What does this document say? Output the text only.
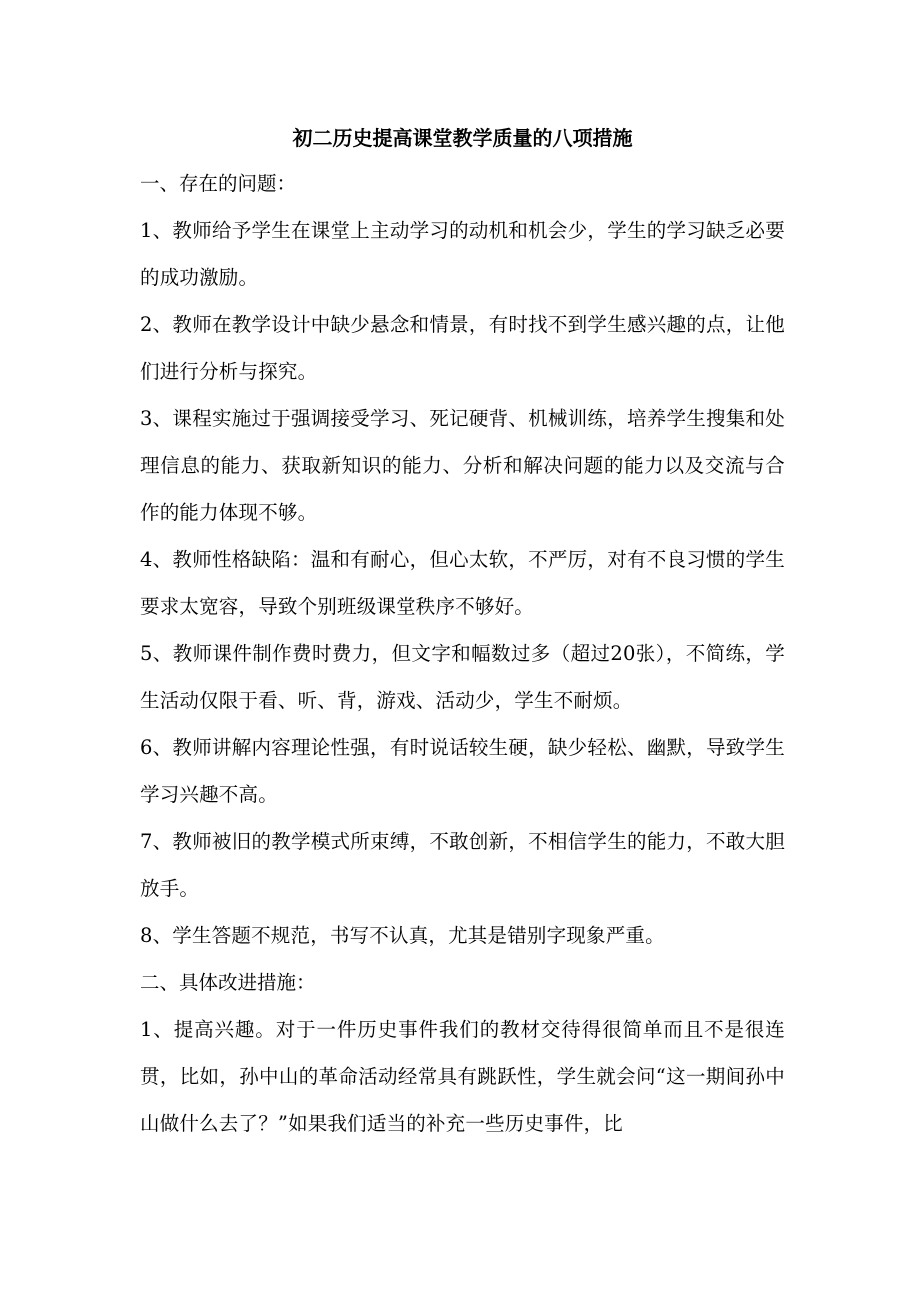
初二历史提高课堂教学质量的八项措施
一、存在的问题：
1、教师给予学生在课堂上主动学习的动机和机会少，学生的学习缺乏必要的成功激励。
2、教师在教学设计中缺少悬念和情景，有时找不到学生感兴趣的点，让他们进行分析与探究。
3、课程实施过于强调接受学习、死记硬背、机械训练，培养学生搜集和处理信息的能力、获取新知识的能力、分析和解决问题的能力以及交流与合作的能力体现不够。
4、教师性格缺陷：温和有耐心，但心太软，不严厉，对有不良习惯的学生要求太宽容，导致个别班级课堂秩序不够好。
5、教师课件制作费时费力，但文字和幅数过多（超过20张），不简练，学生活动仅限于看、听、背，游戏、活动少，学生不耐烦。
6、教师讲解内容理论性强，有时说话较生硬，缺少轻松、幽默，导致学生学习兴趣不高。
7、教师被旧的教学模式所束缚，不敢创新，不相信学生的能力，不敢大胆放手。
8、学生答题不规范，书写不认真，尤其是错别字现象严重。
二、具体改进措施：
1、提高兴趣。对于一件历史事件我们的教材交待得很简单而且不是很连贯，比如，孙中山的革命活动经常具有跳跃性，学生就会问“这一期间孙中山做什么去了？”如果我们适当的补充一些历史事件，比
